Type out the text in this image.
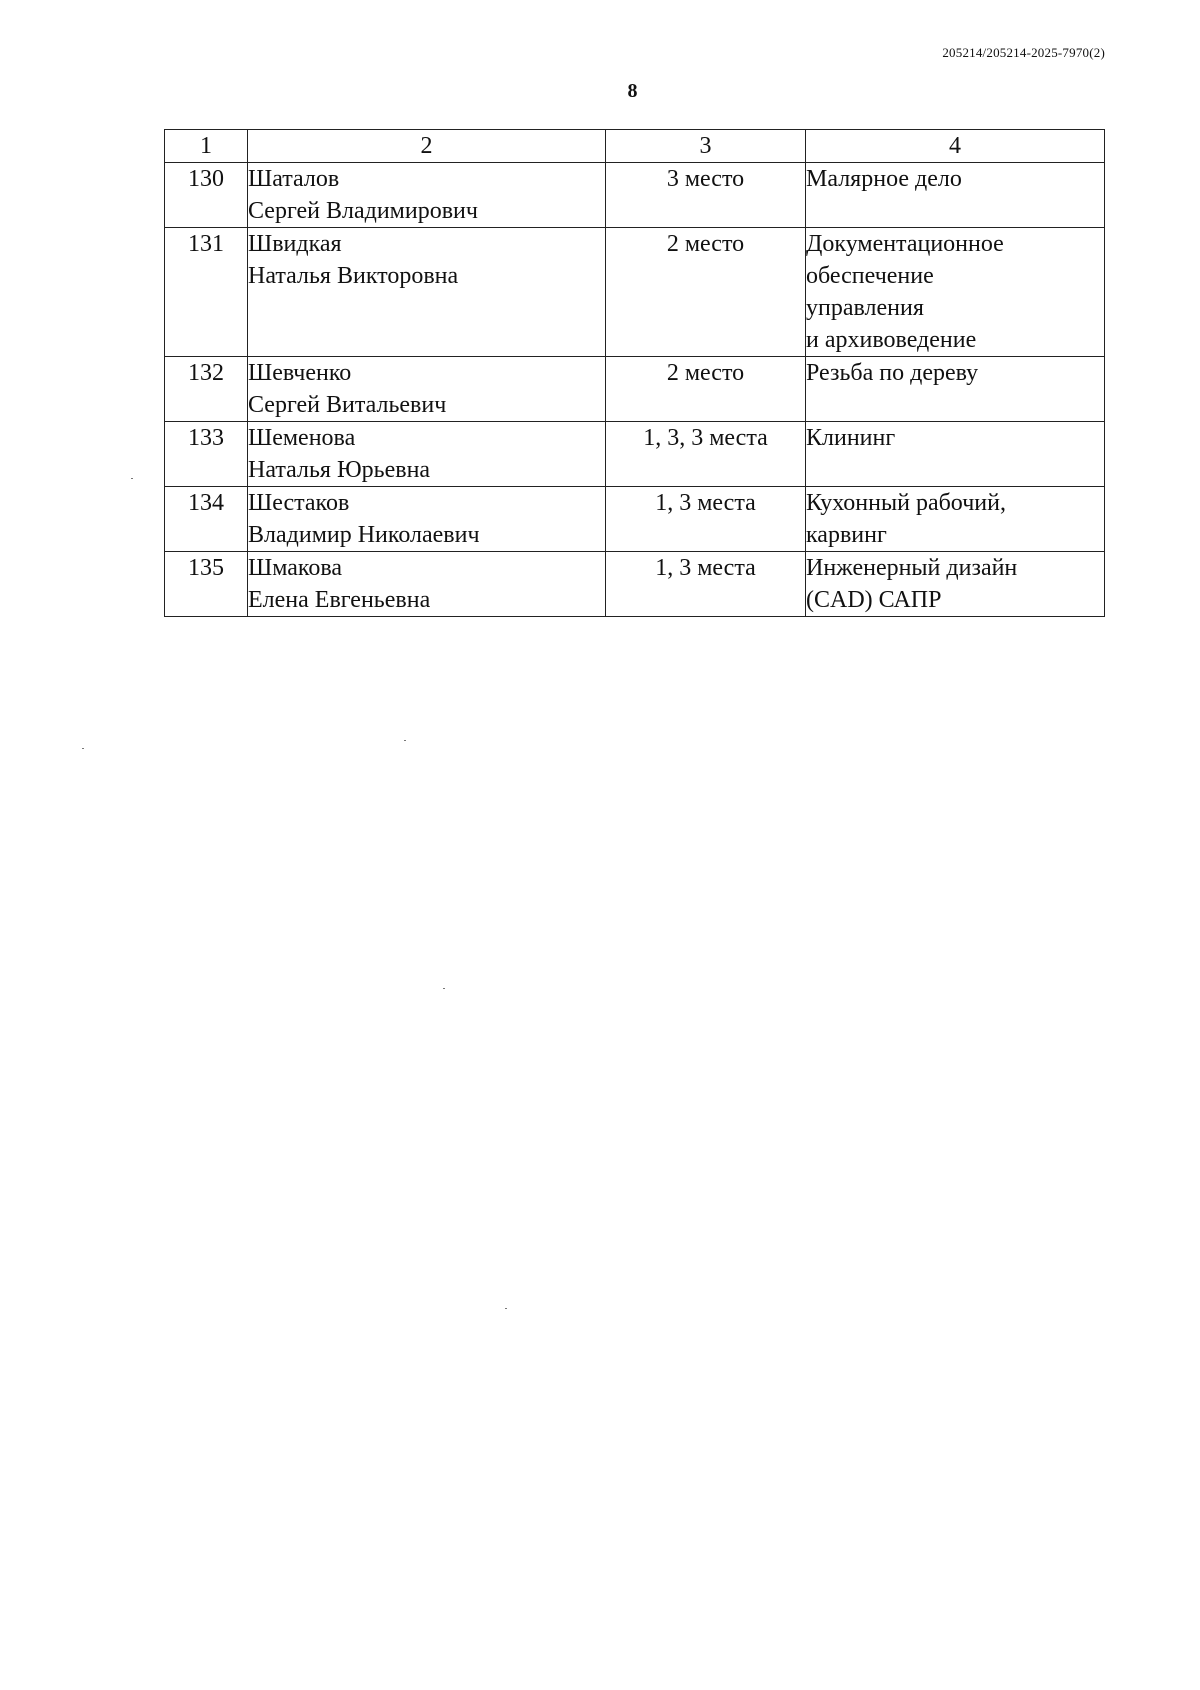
205214/205214-2025-7970(2)
8
1	2	3	4
130	Шаталов
Сергей Владимирович	3 место	Малярное дело

131	Швидкая
Наталья Викторовна	2 место	Документационное
обеспечение
управления
и архивоведение

132	Шевченко
Сергей Витальевич	2 место	Резьба по дереву

133	Шеменова
Наталья Юрьевна	1, 3, 3 места	Клининг

134	Шестаков
Владимир Николаевич	1, 3 места	Кухонный рабочий,
карвинг

135	Шмакова
Елена Евгеньевна	1, 3 места	Инженерный дизайн
(CAD) САПР
